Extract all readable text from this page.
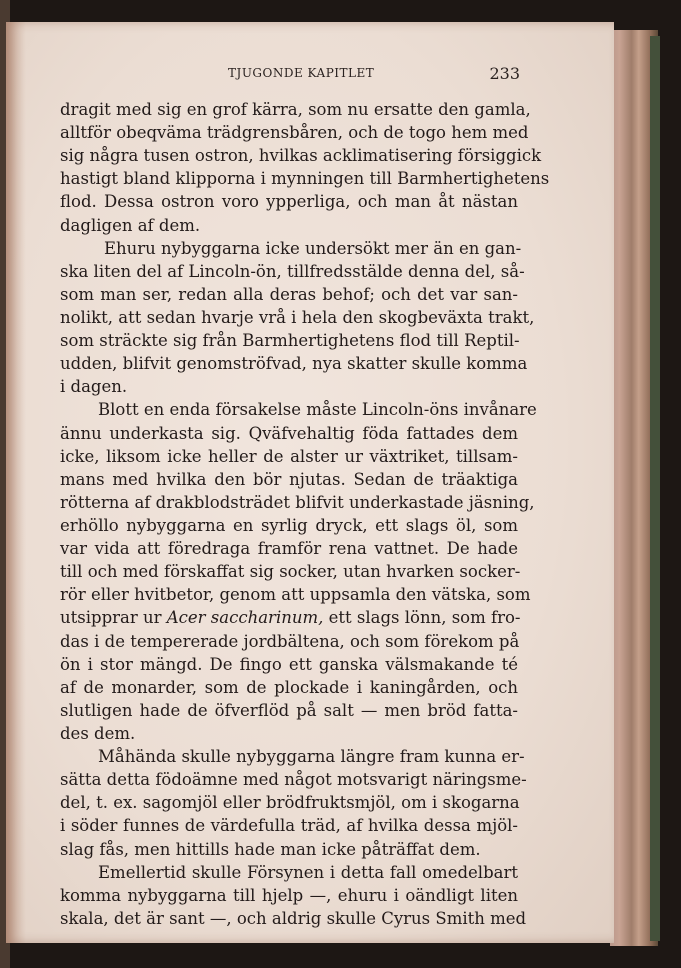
TJUGONDE KAPITLET	233
dragit med sig en grof kärra, som nu ersatte den gamla,
alltför obeqväma trädgrensbåren, och de togo hem med
sig några tusen ostron, hvilkas acklimatisering försiggick
hastigt bland klipporna i mynningen till Barmhertighetens
flod. Dessa ostron voro ypperliga, och man åt nästan
dagligen af dem.
Ehuru nybyggarna icke undersökt mer än en gan-
ska liten del af Lincoln-ön, tillfredsstälde denna del, så-
som man ser, redan alla deras behof; och det var san-
nolikt, att sedan hvarje vrå i hela den skogbeväxta trakt,
som sträckte sig från Barmhertighetens flod till Reptil-
udden, blifvit genomströfvad, nya skatter skulle komma
i dagen.
Blott en enda försakelse måste Lincoln-öns invånare
ännu underkasta sig. Qväfvehaltig föda fattades dem
icke, liksom icke heller de alster ur växtriket, tillsam-
mans med hvilka den bör njutas. Sedan de träaktiga
rötterna af drakblodsträdet blifvit underkastade jäsning,
erhöllo nybyggarna en syrlig dryck, ett slags öl, som
var vida att föredraga framför rena vattnet. De hade
till och med förskaffat sig socker, utan hvarken socker-
rör eller hvitbetor, genom att uppsamla den vätska, som
utsipprar ur Acer saccharinum, ett slags lönn, som fro-
das i de tempererade jordbältena, och som förekom på
ön i stor mängd. De fingo ett ganska välsmakande té
af de monarder, som de plockade i kaningården, och
slutligen hade de öfverflöd på salt — men bröd fatta-
des dem.
Måhända skulle nybyggarna längre fram kunna er-
sätta detta födoämne med något motsvarigt näringsme-
del, t. ex. sagomjöl eller brödfruktsmjöl, om i skogarna
i söder funnes de värdefulla träd, af hvilka dessa mjöl-
slag fås, men hittills hade man icke påträffat dem.
Emellertid skulle Försynen i detta fall omedelbart
komma nybyggarna till hjelp —, ehuru i oändligt liten
skala, det är sant —, och aldrig skulle Cyrus Smith med
